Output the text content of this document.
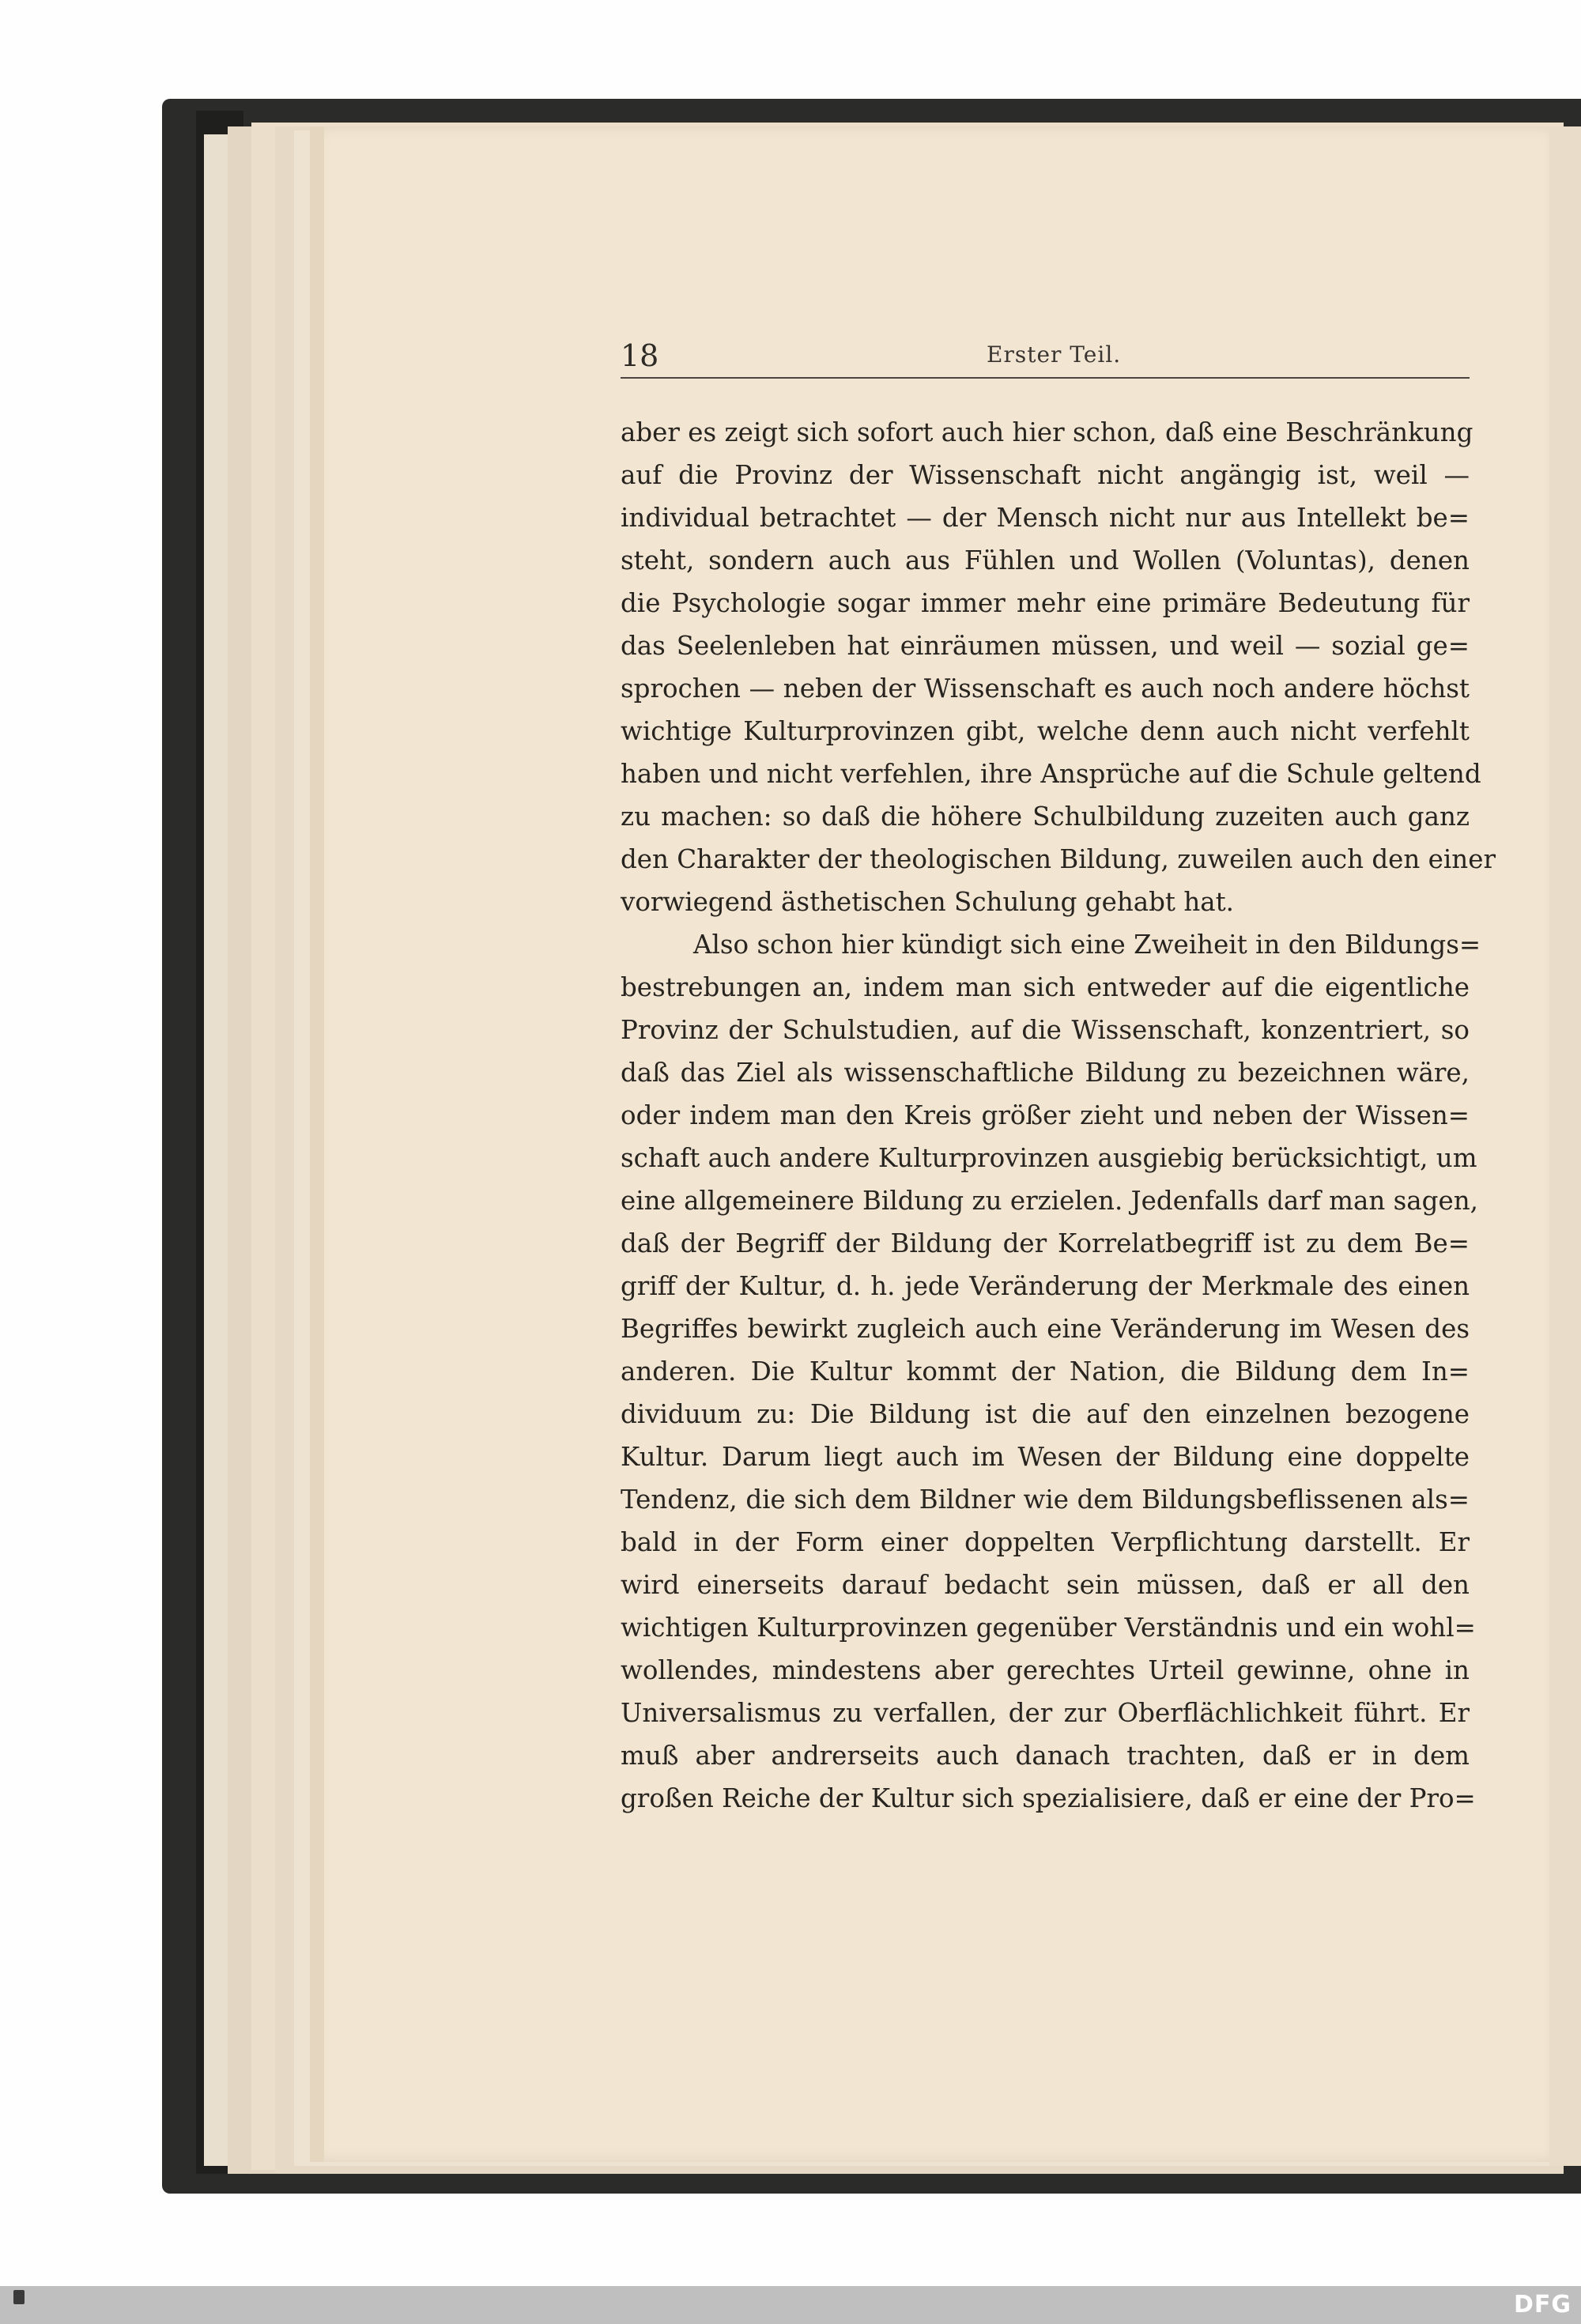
18	Erster Teil.
aber es zeigt sich sofort auch hier schon, daß eine Beschränkung
auf die Provinz der Wissenschaft nicht angängig ist, weil —
individual betrachtet — der Mensch nicht nur aus Intellekt be=
steht, sondern auch aus Fühlen und Wollen (Voluntas), denen
die Psychologie sogar immer mehr eine primäre Bedeutung für
das Seelenleben hat einräumen müssen, und weil — sozial ge=
sprochen — neben der Wissenschaft es auch noch andere höchst
wichtige Kulturprovinzen gibt, welche denn auch nicht verfehlt
haben und nicht verfehlen, ihre Ansprüche auf die Schule geltend
zu machen: so daß die höhere Schulbildung zuzeiten auch ganz
den Charakter der theologischen Bildung, zuweilen auch den einer
vorwiegend ästhetischen Schulung gehabt hat.
Also schon hier kündigt sich eine Zweiheit in den Bildungs=
bestrebungen an, indem man sich entweder auf die eigentliche
Provinz der Schulstudien, auf die Wissenschaft, konzentriert, so
daß das Ziel als wissenschaftliche Bildung zu bezeichnen wäre,
oder indem man den Kreis größer zieht und neben der Wissen=
schaft auch andere Kulturprovinzen ausgiebig berücksichtigt, um
eine allgemeinere Bildung zu erzielen. Jedenfalls darf man sagen,
daß der Begriff der Bildung der Korrelatbegriff ist zu dem Be=
griff der Kultur, d. h. jede Veränderung der Merkmale des einen
Begriffes bewirkt zugleich auch eine Veränderung im Wesen des
anderen. Die Kultur kommt der Nation, die Bildung dem In=
dividuum zu: Die Bildung ist die auf den einzelnen bezogene
Kultur. Darum liegt auch im Wesen der Bildung eine doppelte
Tendenz, die sich dem Bildner wie dem Bildungsbeflissenen als=
bald in der Form einer doppelten Verpflichtung darstellt. Er
wird einerseits darauf bedacht sein müssen, daß er all den
wichtigen Kulturprovinzen gegenüber Verständnis und ein wohl=
wollendes, mindestens aber gerechtes Urteil gewinne, ohne in
Universalismus zu verfallen, der zur Oberflächlichkeit führt. Er
muß aber andrerseits auch danach trachten, daß er in dem
großen Reiche der Kultur sich spezialisiere, daß er eine der Pro=
DFG
